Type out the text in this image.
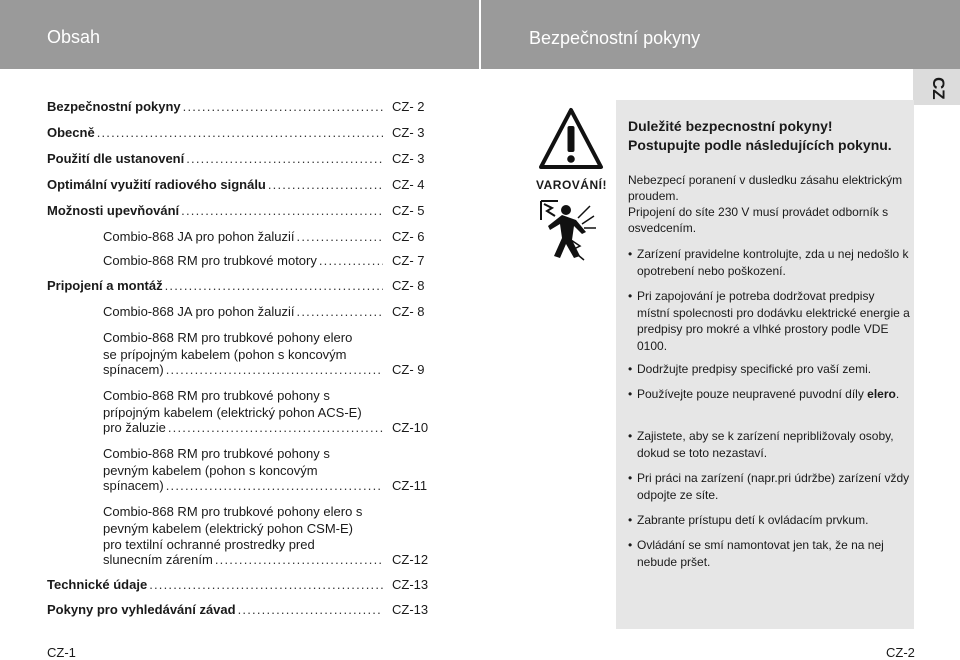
Obsah	Bezpečnostní pokyny
CZ
Bezpečnostní pokyny .....	CZ- 2
Obecně .....	CZ- 3
Použití dle ustanovení .....	CZ- 3
Optimální využití radiového signálu .....	CZ- 4
Možnosti upevňování .....	CZ- 5
Combio-868 JA pro pohon žaluzií .....	CZ- 6
Combio-868 RM pro trubkové motory .....	CZ- 7
Pripojení a montáž .....	CZ- 8
Combio-868 JA pro pohon žaluzií .....	CZ- 8
Combio-868 RM pro trubkové pohony elero
se prípojným kabelem (pohon s koncovým
spínacem) .....	CZ- 9
Combio-868 RM pro trubkové pohony s
prípojným kabelem (elektrický pohon ACS-E)
pro žaluzie .....	CZ-10
Combio-868 RM pro trubkové pohony s
pevným kabelem (pohon s koncovým
spínacem) .....	CZ-11
Combio-868 RM pro trubkové pohony elero s
pevným kabelem (elektrický pohon CSM-E)
pro textilní ochranné prostredky pred
slunecním zárením .....	CZ-12
Technické údaje .....	CZ-13
Pokyny pro vyhledávání závad .....	CZ-13
VAROVÁNÍ!
Duležité bezpecnostní pokyny!
Postupujte podle následujících pokynu.
Nebezpecí poranení v dusledku zásahu elektrickým proudem.
Pripojení do síte 230 V musí provádet odborník s osvedcením.
• Zarízení pravidelne kontrolujte, zda u nej nedošlo k opotrebení nebo poškození.
• Pri zapojování je potreba dodržovat predpisy místní spolecnosti pro dodávku elektrické energie a predpisy pro mokré a vlhké prostory podle VDE 0100.
• Dodržujte predpisy specifické pro vaší zemi.
• Používejte pouze neupravené puvodní díly elero.
• Zajistete, aby se k zarízení nepribližovaly osoby, dokud se toto nezastaví.
• Pri práci na zarízení (napr.pri údržbe) zarízení vždy odpojte ze síte.
• Zabrante prístupu detí k ovládacím prvkum.
• Ovládání se smí namontovat jen tak, že na nej nebude pršet.
CZ-1	CZ-2
